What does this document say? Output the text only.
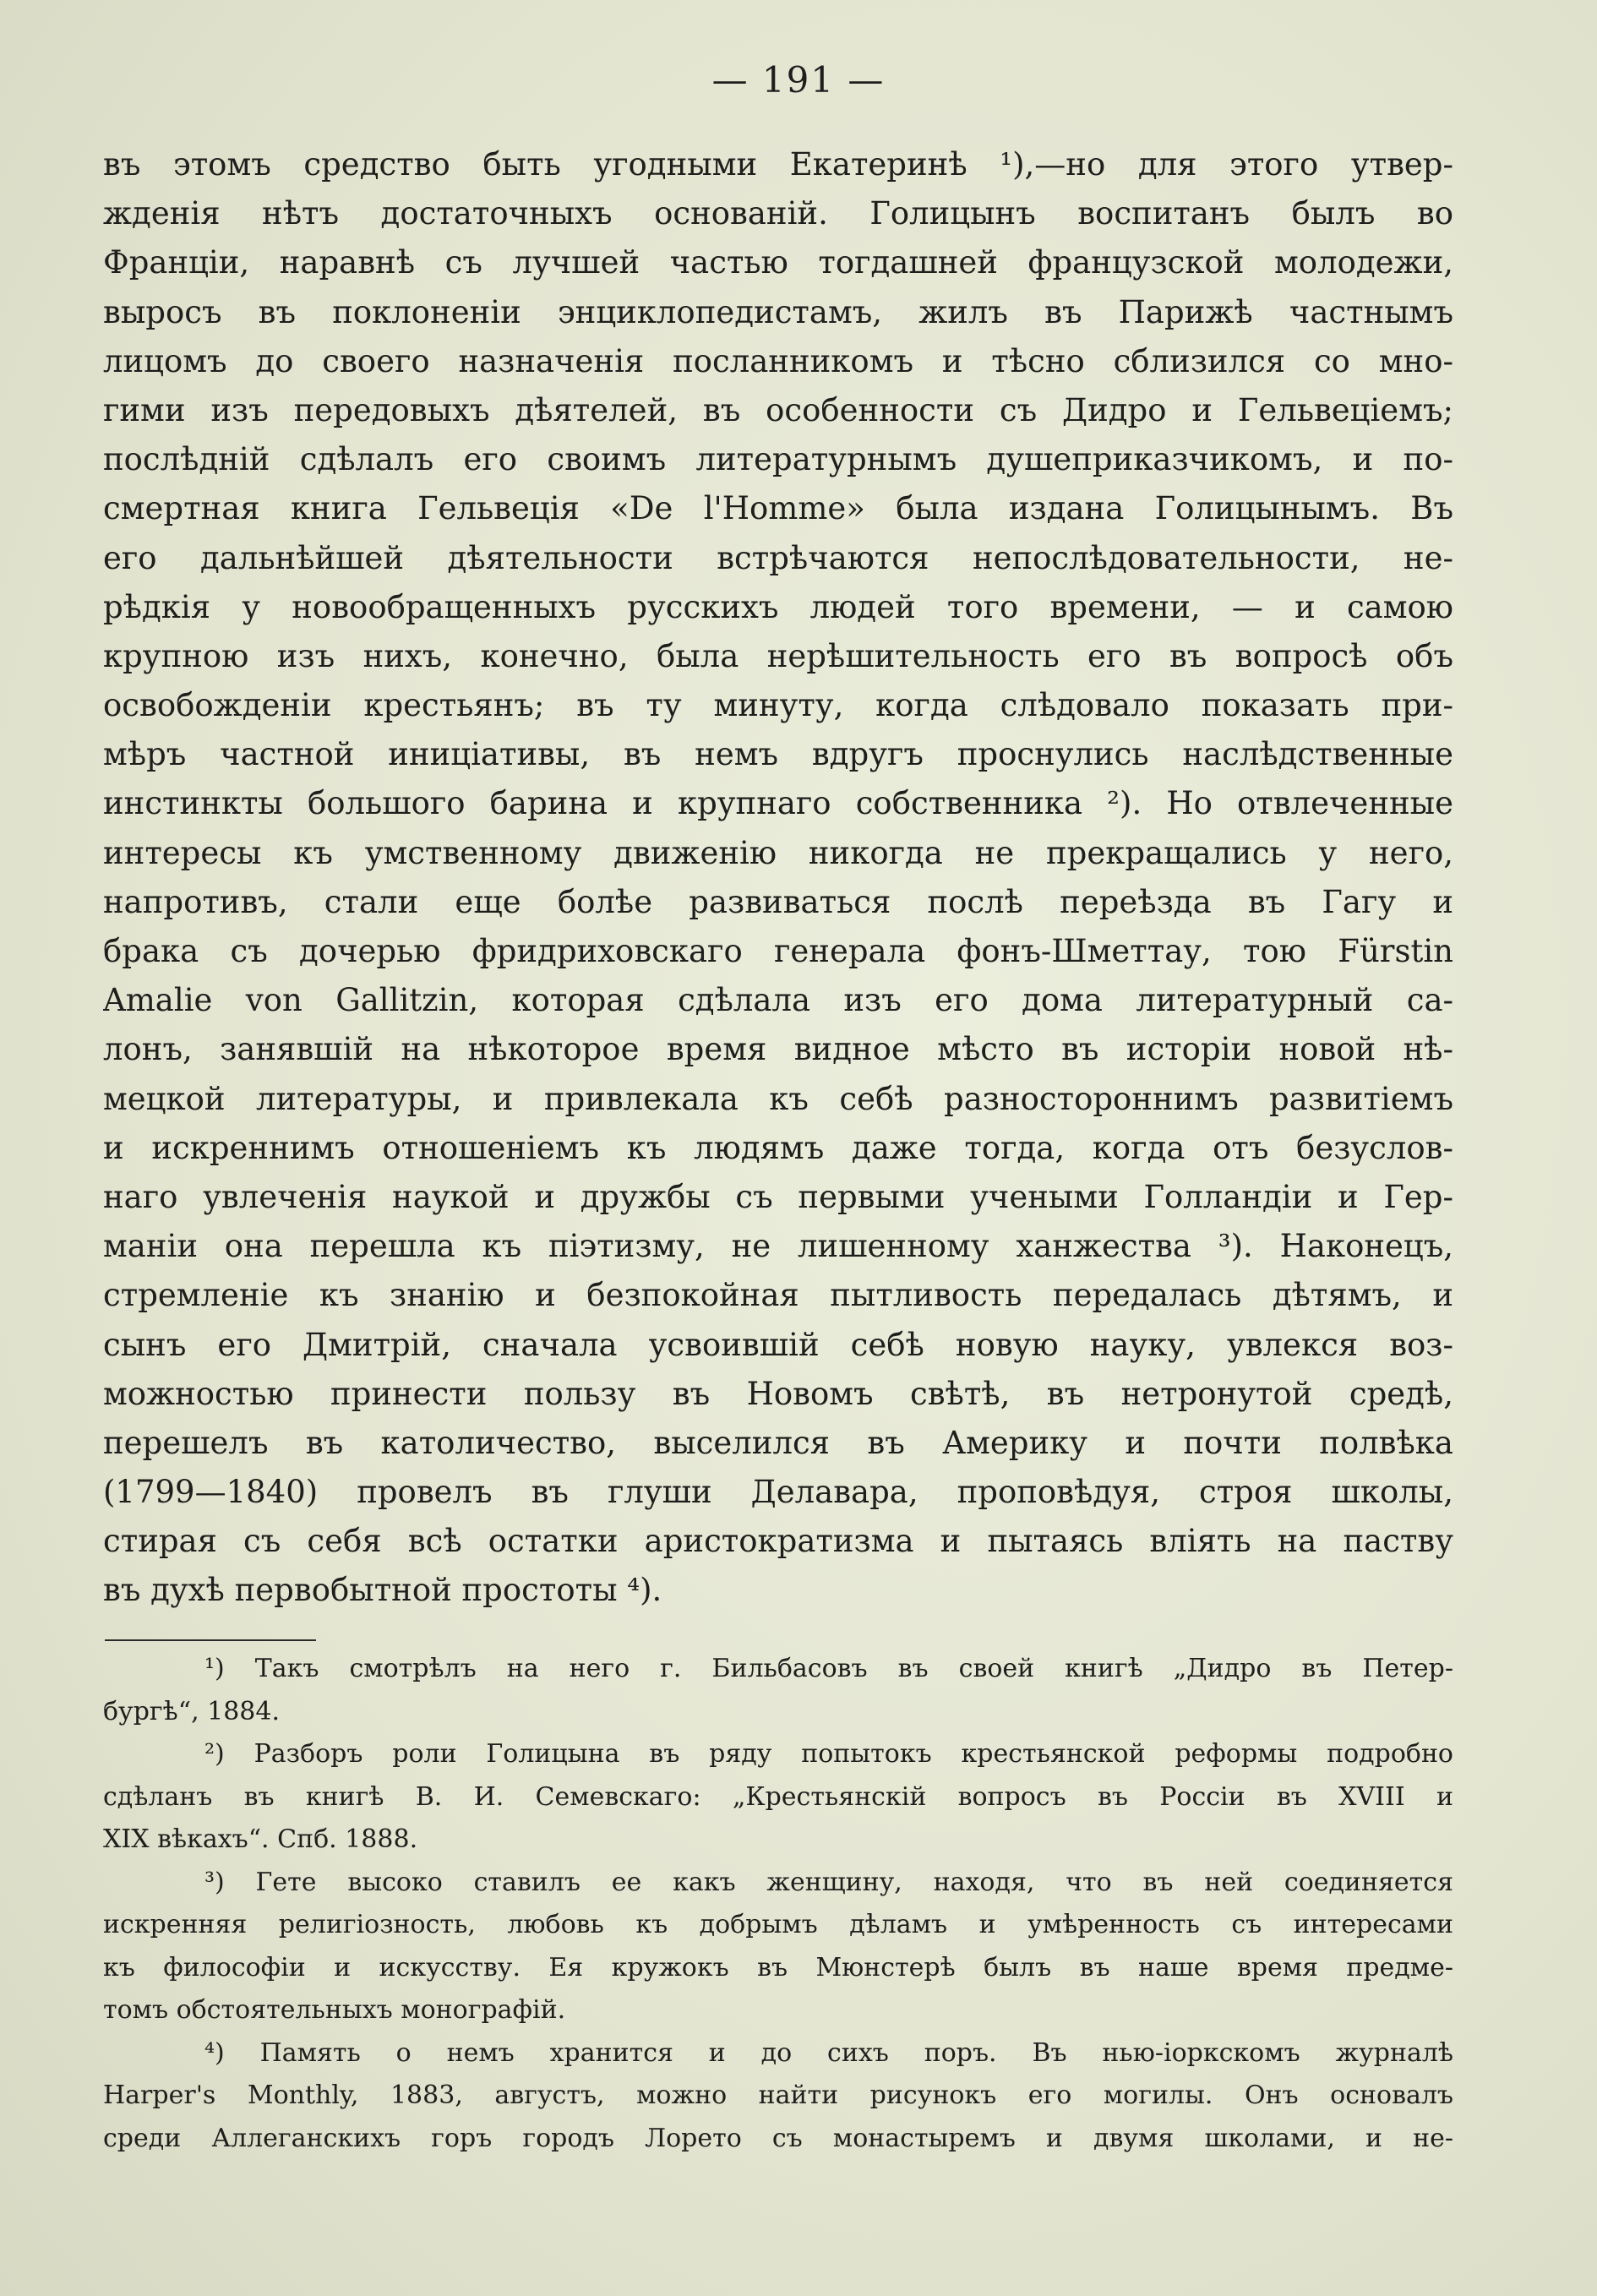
— 191 —
въ этомъ средство быть угодными Екатеринѣ ¹),—но для этого утвер-
жденія нѣтъ достаточныхъ основаній. Голицынъ воспитанъ былъ во
Франціи, наравнѣ съ лучшей частью тогдашней французской молодежи,
выросъ въ поклоненіи энциклопедистамъ, жилъ въ Парижѣ частнымъ
лицомъ до своего назначенія посланникомъ и тѣсно сблизился со мно-
гими изъ передовыхъ дѣятелей, въ особенности съ Дидро и Гельвеціемъ;
послѣдній сдѣлалъ его своимъ литературнымъ душеприказчикомъ, и по-
смертная книга Гельвеція «De l'Homme» была издана Голицынымъ. Въ
его дальнѣйшей дѣятельности встрѣчаются непослѣдовательности, не-
рѣдкія у новообращенныхъ русскихъ людей того времени, — и самою
крупною изъ нихъ, конечно, была нерѣшительность его въ вопросѣ объ
освобожденіи крестьянъ; въ ту минуту, когда слѣдовало показать при-
мѣръ частной иниціативы, въ немъ вдругъ проснулись наслѣдственные
инстинкты большого барина и крупнаго собственника ²). Но отвлеченные
интересы къ умственному движенію никогда не прекращались у него,
напротивъ, стали еще болѣе развиваться послѣ переѣзда въ Гагу и
брака съ дочерью фридриховскаго генерала фонъ-Шметтау, тою Fürstin
Amalie von Gallitzin, которая сдѣлала изъ его дома литературный са-
лонъ, занявшій на нѣкоторое время видное мѣсто въ исторіи новой нѣ-
мецкой литературы, и привлекала къ себѣ разностороннимъ развитіемъ
и искреннимъ отношеніемъ къ людямъ даже тогда, когда отъ безуслов-
наго увлеченія наукой и дружбы съ первыми учеными Голландіи и Гер-
маніи она перешла къ піэтизму, не лишенному ханжества ³). Наконецъ,
стремленіе къ знанію и безпокойная пытливость передалась дѣтямъ, и
сынъ его Дмитрій, сначала усвоившій себѣ новую науку, увлекся воз-
можностью принести пользу въ Новомъ свѣтѣ, въ нетронутой средѣ,
перешелъ въ католичество, выселился въ Америку и почти полвѣка
(1799—1840) провелъ въ глуши Делавара, проповѣдуя, строя школы,
стирая съ себя всѣ остатки аристократизма и пытаясь вліять на паству
въ духѣ первобытной простоты ⁴).
¹) Такъ смотрѣлъ на него г. Бильбасовъ въ своей книгѣ „Дидро въ Петер-
бургѣ“, 1884.
²) Разборъ роли Голицына въ ряду попытокъ крестьянской реформы подробно
сдѣланъ въ книгѣ В. И. Семевскаго: „Крестьянскій вопросъ въ Россіи въ XVIII и
XIX вѣкахъ“. Спб. 1888.
³) Гете высоко ставилъ ее какъ женщину, находя, что въ ней соединяется
искренняя религіозность, любовь къ добрымъ дѣламъ и умѣренность съ интересами
къ философіи и искусству. Ея кружокъ въ Мюнстерѣ былъ въ наше время предме-
томъ обстоятельныхъ монографій.
⁴) Память о немъ хранится и до сихъ поръ. Въ нью-іоркскомъ журналѣ
Harper's Monthly, 1883, августъ, можно найти рисунокъ его могилы. Онъ основалъ
среди Аллеганскихъ горъ городъ Лорето съ монастыремъ и двумя школами, и не-
